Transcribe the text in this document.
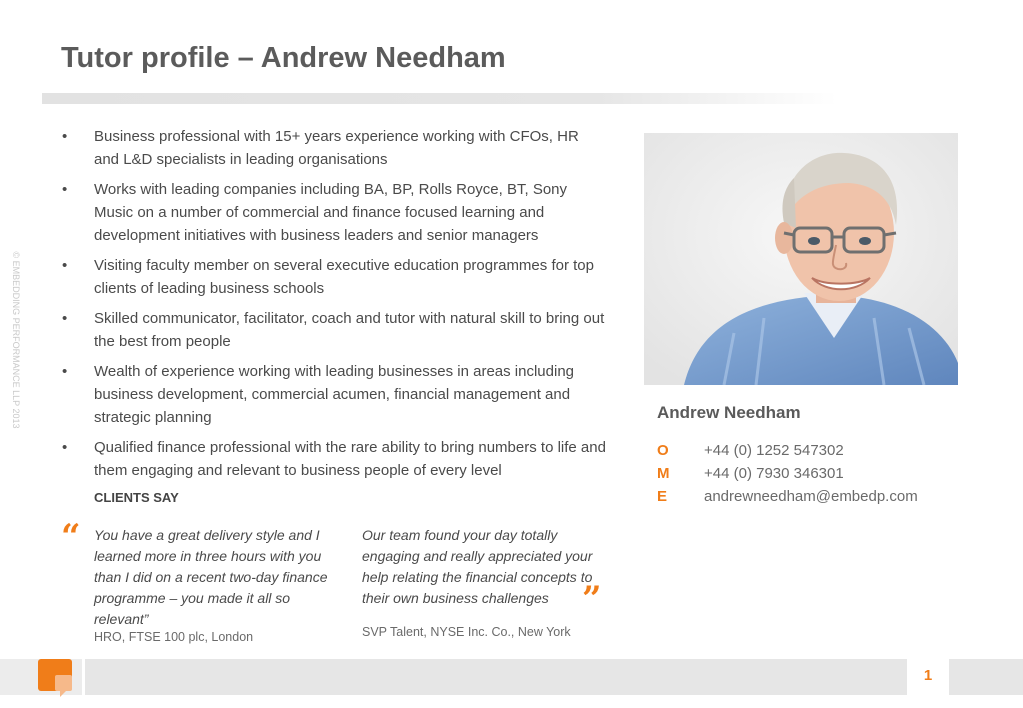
Tutor profile – Andrew Needham
© EMBEDDING PERFORMANCE LLP 2013
• Business professional with 15+ years experience working with CFOs, HR and L&D specialists in leading organisations
• Works with leading companies including BA, BP, Rolls Royce, BT, Sony Music on a number of commercial and finance focused learning and development initiatives with business leaders and senior managers
• Visiting faculty member on several executive education programmes for top clients of leading business schools
• Skilled communicator, facilitator, coach and tutor with natural skill to bring out the best from people
• Wealth of experience working with leading businesses in areas including business development, commercial acumen, financial management and strategic planning
• Qualified finance professional with the rare ability to bring numbers to life and them engaging and relevant to business people of every level
CLIENTS SAY
“ You have a great delivery style and I learned more in three hours with you than I did on a recent two-day finance programme – you made it all so relevant”
HRO, FTSE 100 plc, London
Our team found your day totally engaging and really appreciated your help relating the financial concepts to their own business challenges ”
SVP Talent, NYSE Inc. Co., New York
Andrew Needham
O +44 (0) 1252 547302
M +44 (0) 7930 346301
E andrewneedham@embedp.com
1
